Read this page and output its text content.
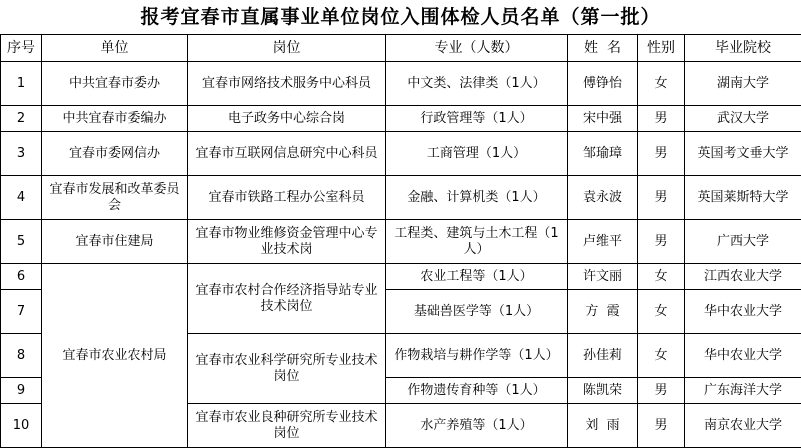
报考宜春市直属事业单位岗位入围体检人员名单（第一批）
序号	单位	岗位	专业（人数）	姓  名	性别	毕业院校
1	中共宜春市委办	宜春市网络技术服务中心科员	中文类、法律类（1人）	傅铮怡	女	湖南大学
2	中共宜春市委编办	电子政务中心综合岗	行政管理等（1人）	宋中强	男	武汉大学
3	宜春市委网信办	宜春市互联网信息研究中心科员	工商管理（1人）	邹瑜璋	男	英国考文垂大学
4	宜春市发展和改革委员会	宜春市铁路工程办公室科员	金融、计算机类（1人）	袁永波	男	英国莱斯特大学
5	宜春市住建局	宜春市物业维修资金管理中心专业技术岗	工程类、建筑与土木工程（1人）	卢维平	男	广西大学
6	宜春市农业农村局	宜春市农村合作经济指导站专业技术岗位	农业工程等（1人）	许文丽	女	江西农业大学
7			基础兽医学等（1人）	方  霞	女	华中农业大学
8		宜春市农业科学研究所专业技术岗位	作物栽培与耕作学等（1人）	孙佳莉	女	华中农业大学
9			作物遗传育种等（1人）	陈凯荣	男	广东海洋大学
10		宜春市农业良种研究所专业技术岗位	水产养殖等（1人）	刘  雨	男	南京农业大学
